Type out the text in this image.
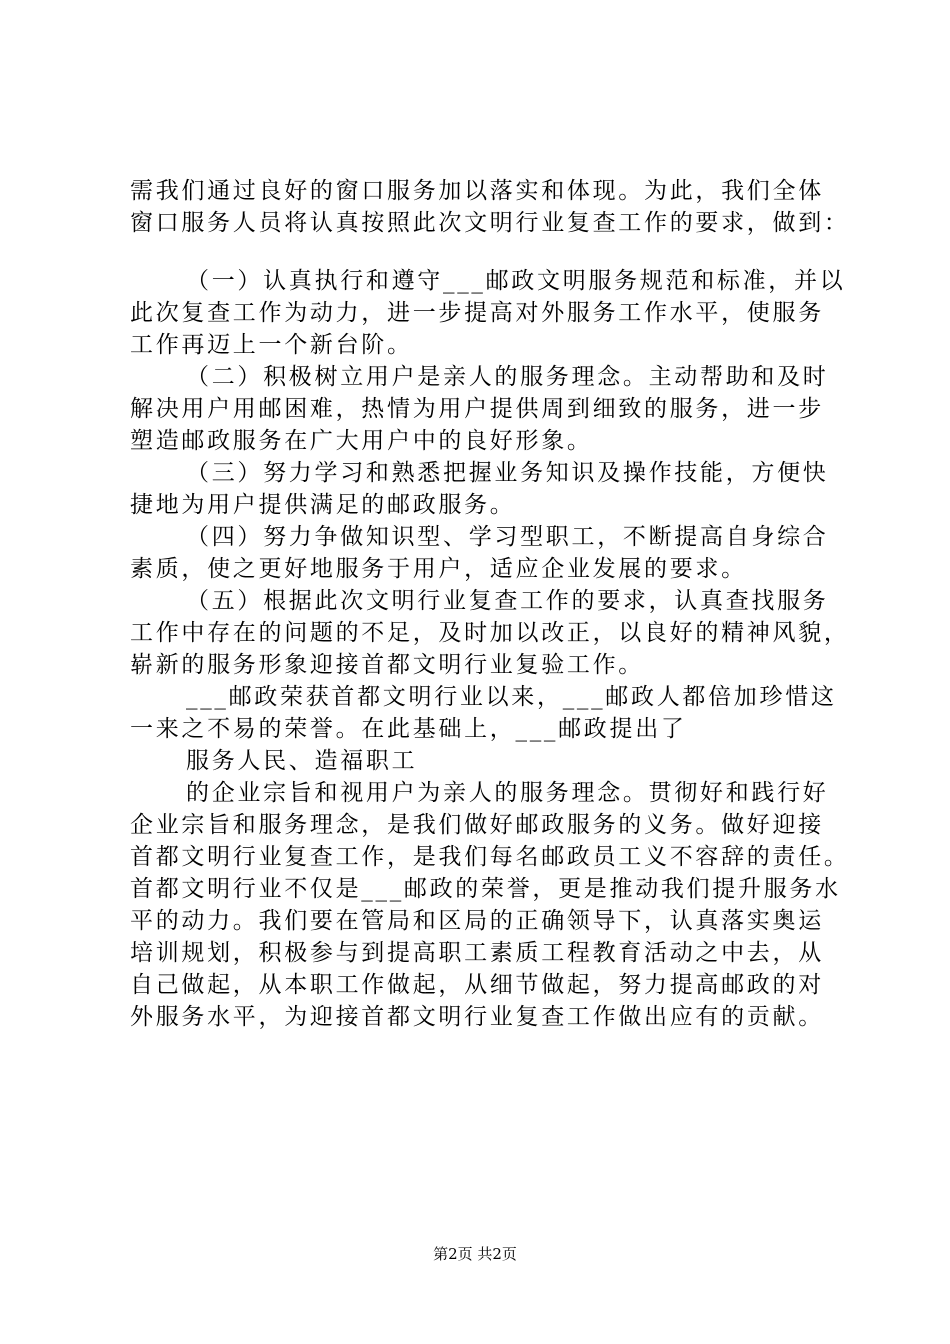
需我们通过良好的窗口服务加以落实和体现。为此，我们全体
窗口服务人员将认真按照此次文明行业复查工作的要求，做到：
（一）认真执行和遵守___邮政文明服务规范和标准，并以
此次复查工作为动力，进一步提高对外服务工作水平，使服务
工作再迈上一个新台阶。
（二）积极树立用户是亲人的服务理念。主动帮助和及时
解决用户用邮困难，热情为用户提供周到细致的服务，进一步
塑造邮政服务在广大用户中的良好形象。
（三）努力学习和熟悉把握业务知识及操作技能，方便快
捷地为用户提供满足的邮政服务。
（四）努力争做知识型、学习型职工，不断提高自身综合
素质，使之更好地服务于用户，适应企业发展的要求。
（五）根据此次文明行业复查工作的要求，认真查找服务
工作中存在的问题的不足，及时加以改正，以良好的精神风貌，
崭新的服务形象迎接首都文明行业复验工作。
___邮政荣获首都文明行业以来，___邮政人都倍加珍惜这
一来之不易的荣誉。在此基础上，___邮政提出了
服务人民、造福职工
的企业宗旨和视用户为亲人的服务理念。贯彻好和践行好
企业宗旨和服务理念，是我们做好邮政服务的义务。做好迎接
首都文明行业复查工作，是我们每名邮政员工义不容辞的责任。
首都文明行业不仅是___邮政的荣誉，更是推动我们提升服务水
平的动力。我们要在管局和区局的正确领导下，认真落实奥运
培训规划，积极参与到提高职工素质工程教育活动之中去，从
自己做起，从本职工作做起，从细节做起，努力提高邮政的对
外服务水平，为迎接首都文明行业复查工作做出应有的贡献。
第2页 共2页
